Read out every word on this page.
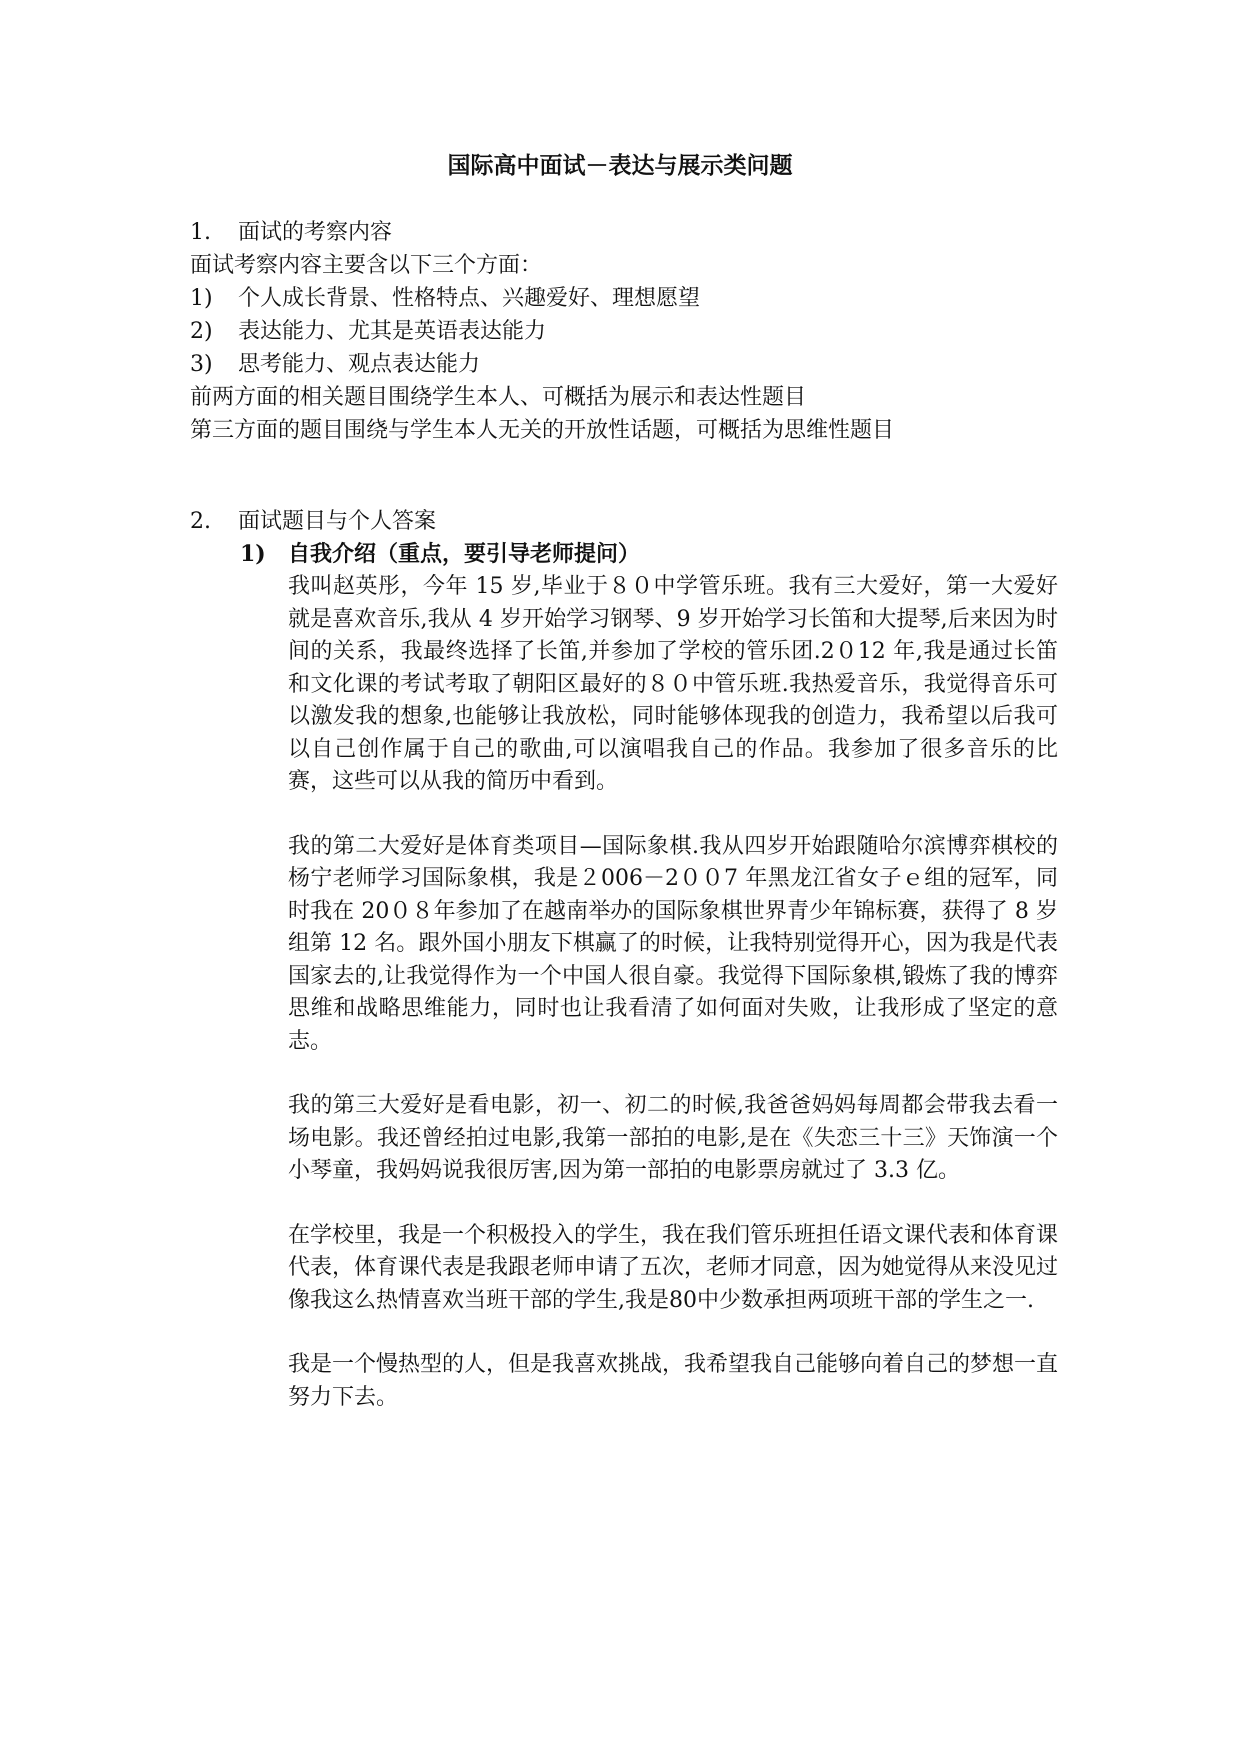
国际高中面试－表达与展示类问题
1.	面试的考察内容
面试考察内容主要含以下三个方面：
1)	个人成长背景、性格特点、兴趣爱好、理想愿望
2)	表达能力、尤其是英语表达能力
3)	思考能力、观点表达能力
前两方面的相关题目围绕学生本人、可概括为展示和表达性题目
第三方面的题目围绕与学生本人无关的开放性话题，可概括为思维性题目
2.	面试题目与个人答案
1)	自我介绍（重点，要引导老师提问）

我叫赵英彤，今年 15 岁,毕业于８０中学管乐班。我有三大爱好，第一大爱好就是喜欢音乐,我从 4 岁开始学习钢琴、9 岁开始学习长笛和大提琴,后来因为时间的关系，我最终选择了长笛,并参加了学校的管乐团.2０12 年,我是通过长笛和文化课的考试考取了朝阳区最好的８０中管乐班.我热爱音乐，我觉得音乐可以激发我的想象,也能够让我放松，同时能够体现我的创造力，我希望以后我可以自己创作属于自己的歌曲,可以演唱我自己的作品。我参加了很多音乐的比赛，这些可以从我的简历中看到。

我的第二大爱好是体育类项目—国际象棋.我从四岁开始跟随哈尔滨博弈棋校的杨宁老师学习国际象棋，我是２006－2００7 年黑龙江省女子ｅ组的冠军，同时我在 20０８年参加了在越南举办的国际象棋世界青少年锦标赛，获得了 8 岁组第 12 名。跟外国小朋友下棋赢了的时候，让我特别觉得开心，因为我是代表国家去的,让我觉得作为一个中国人很自豪。我觉得下国际象棋,锻炼了我的博弈思维和战略思维能力，同时也让我看清了如何面对失败，让我形成了坚定的意志。

我的第三大爱好是看电影，初一、初二的时候,我爸爸妈妈每周都会带我去看一场电影。我还曾经拍过电影,我第一部拍的电影,是在《失恋三十三》天饰演一个小琴童，我妈妈说我很厉害,因为第一部拍的电影票房就过了 3.3 亿。

在学校里，我是一个积极投入的学生，我在我们管乐班担任语文课代表和体育课代表，体育课代表是我跟老师申请了五次，老师才同意，因为她觉得从来没见过像我这么热情喜欢当班干部的学生,我是80中少数承担两项班干部的学生之一.

我是一个慢热型的人，但是我喜欢挑战，我希望我自己能够向着自己的梦想一直努力下去。
